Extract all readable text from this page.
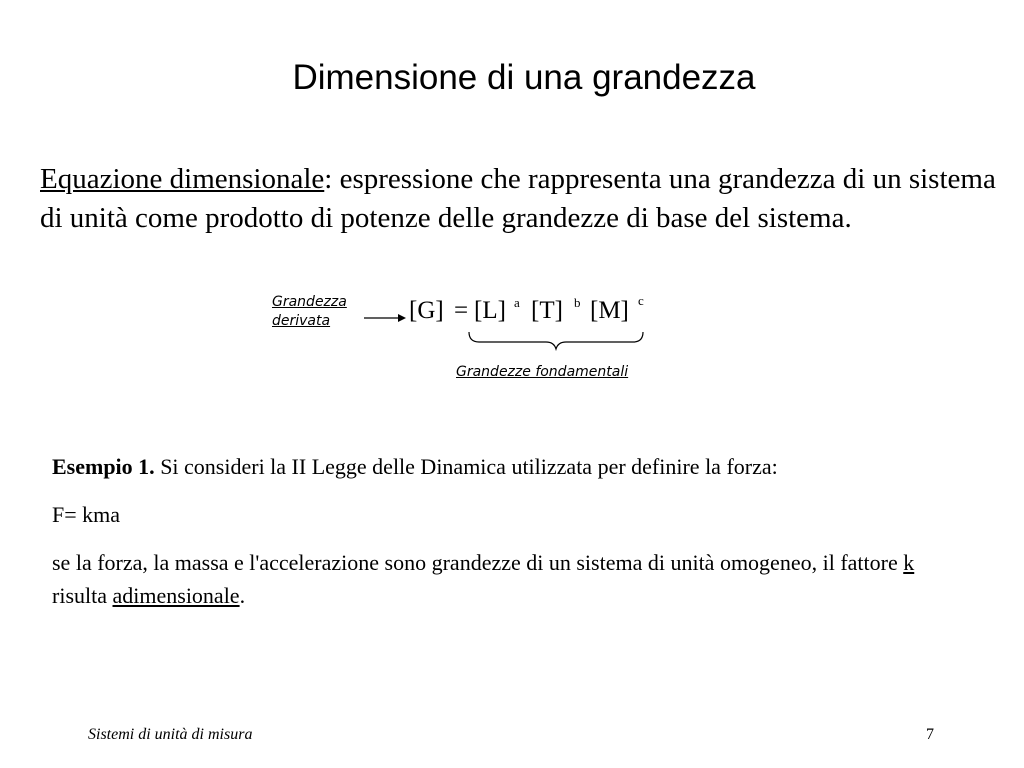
Dimensione di una grandezza

Equazione dimensionale: espressione che rappresenta una grandezza di un sistema di unità come prodotto di potenze delle grandezze di base del sistema.

Grandezza
derivata	[G] = [L] a [T] b [M] c
Grandezze fondamentali

Esempio 1. Si consideri la II Legge delle Dinamica utilizzata per definire la forza:

F= kma

se la forza, la massa e l'accelerazione sono grandezze di un sistema di unità omogeneo, il fattore k risulta adimensionale.

Sistemi di unità di misura	7
